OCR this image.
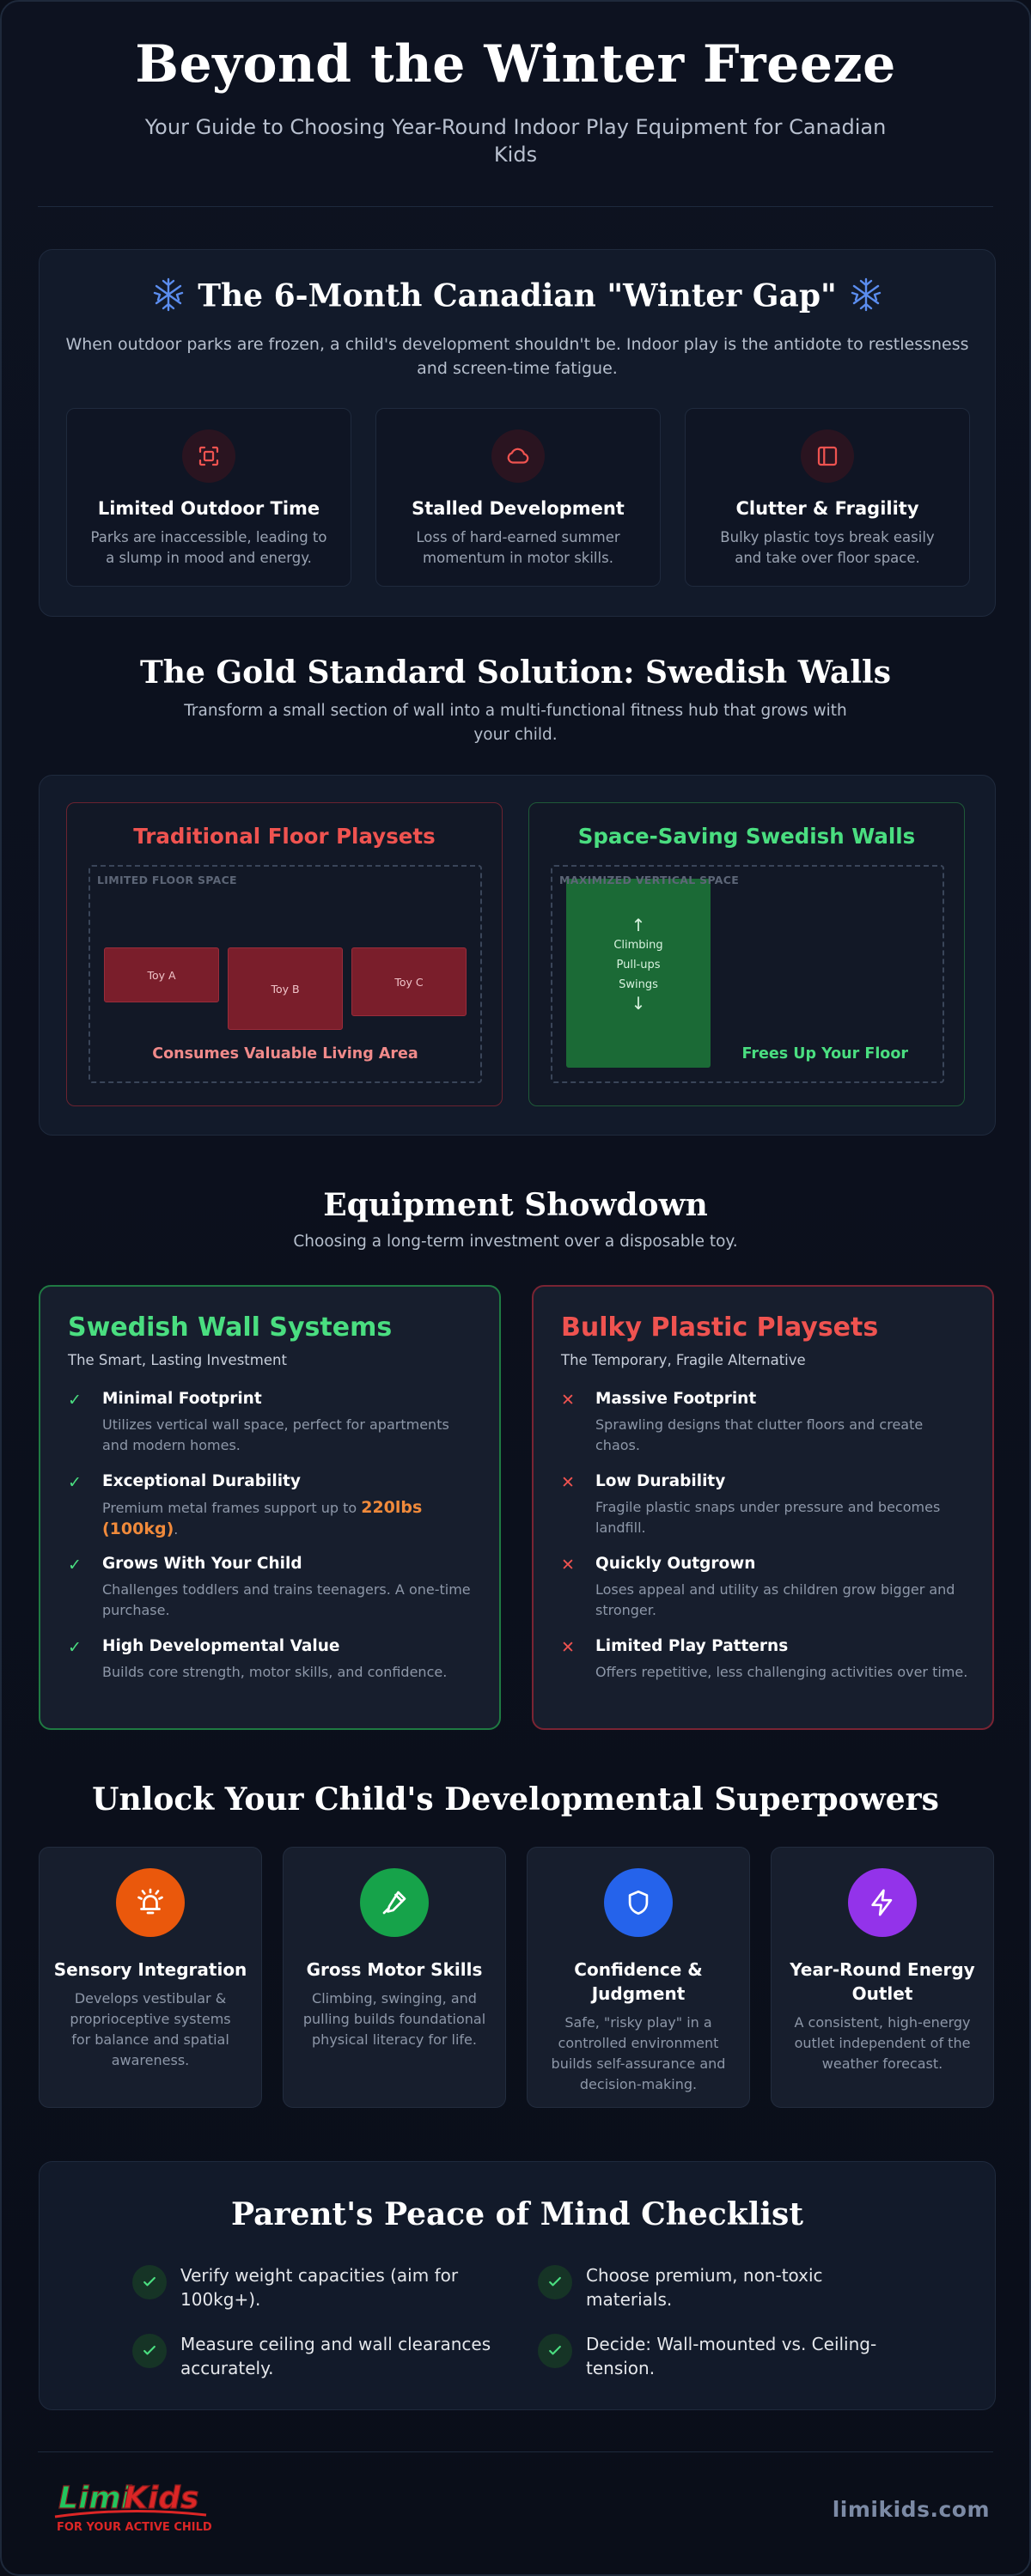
Beyond the Winter Freeze

Your Guide to Choosing Year-Round Indoor Play Equipment for Canadian Kids

The 6-Month Canadian "Winter Gap"
When outdoor parks are frozen, a child's development shouldn't be. Indoor play is the antidote to restlessness and screen-time fatigue.
Limited Outdoor Time

Parks are inaccessible, leading to a slump in mood and energy.

Stalled Development

Loss of hard-earned summer momentum in motor skills.

Clutter & Fragility

Bulky plastic toys break easily and take over floor space.

The Gold Standard Solution: Swedish Walls
Transform a small section of wall into a multi-functional fitness hub that grows with your child.
Traditional Floor Playsets
LIMITED FLOOR SPACE
Toy A
Toy B
Toy C
Consumes Valuable Living Area
Space-Saving Swedish Walls
↑
Climbing
Pull-ups
Swings
↓
MAXIMIZED VERTICAL SPACE
Frees Up Your Floor
Equipment Showdown
Choosing a long-term investment over a disposable toy.
Swedish Wall Systems
The Smart, Lasting Investment
✓ Minimal Footprint

Utilizes vertical wall space, perfect for apartments and modern homes.

✓ Exceptional Durability

Premium metal frames support up to 220lbs (100kg).

✓ Grows With Your Child

Challenges toddlers and trains teenagers. A one-time purchase.

✓ High Developmental Value

Builds core strength, motor skills, and confidence.

Bulky Plastic Playsets
The Temporary, Fragile Alternative
✕ Massive Footprint

Sprawling designs that clutter floors and create chaos.

✕ Low Durability

Fragile plastic snaps under pressure and becomes landfill.

✕ Quickly Outgrown

Loses appeal and utility as children grow bigger and stronger.

✕ Limited Play Patterns

Offers repetitive, less challenging activities over time.

Unlock Your Child's Developmental Superpowers
Sensory Integration

Develops vestibular & proprioceptive systems for balance and spatial awareness.

Gross Motor Skills

Climbing, swinging, and pulling builds foundational physical literacy for life.

Confidence & Judgment

Safe, "risky play" in a controlled environment builds self-assurance and decision-making.

Year-Round Energy Outlet

A consistent, high-energy outlet independent of the weather forecast.

Parent's Peace of Mind Checklist
Verify weight capacities (aim for 100kg+).
Choose premium, non-toxic materials.
Measure ceiling and wall clearances accurately.
Decide: Wall-mounted vs. Ceiling-tension.
Limi
Kids
FOR YOUR ACTIVE CHILD
limikids.com
